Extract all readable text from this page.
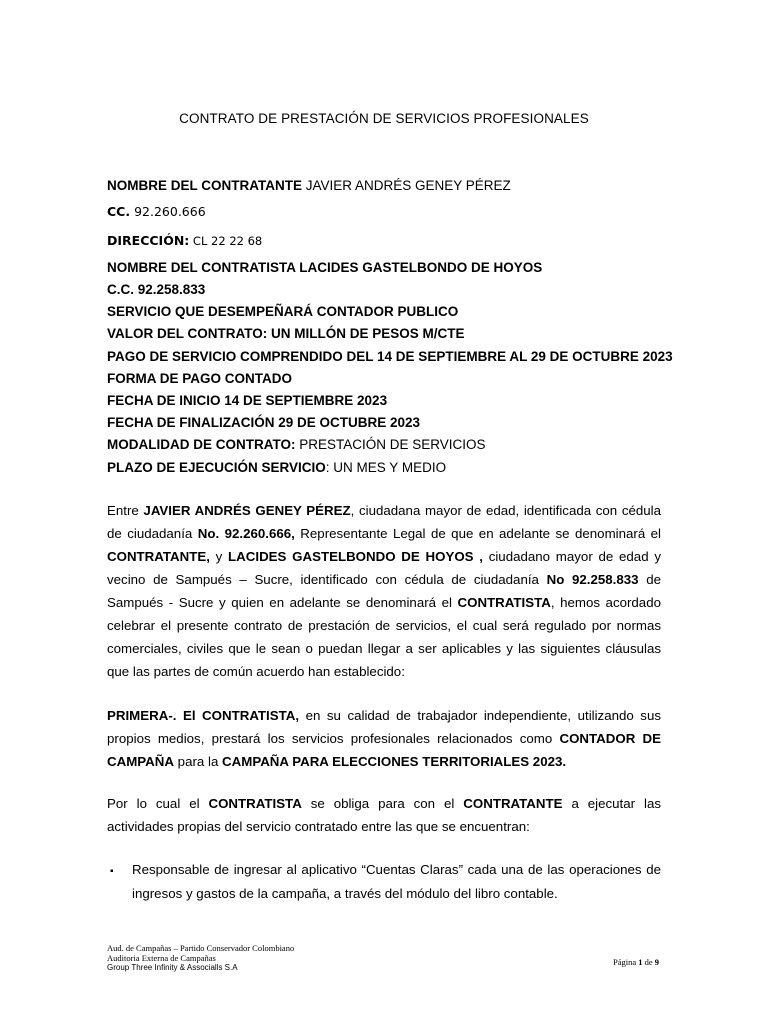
CONTRATO DE PRESTACIÓN DE SERVICIOS PROFESIONALES
NOMBRE DEL CONTRATANTE JAVIER ANDRÉS GENEY PÉREZ
CC. 92.260.666
DIRECCIÓN: CL 22 22 68
NOMBRE DEL CONTRATISTA LACIDES GASTELBONDO DE HOYOS
C.C. 92.258.833
SERVICIO QUE DESEMPEÑARÁ CONTADOR PUBLICO
VALOR DEL CONTRATO: UN MILLÓN DE PESOS M/CTE
PAGO DE SERVICIO COMPRENDIDO DEL 14 DE SEPTIEMBRE AL 29 DE OCTUBRE 2023
FORMA DE PAGO CONTADO
FECHA DE INICIO 14 DE SEPTIEMBRE 2023
FECHA DE FINALIZACIÓN 29 DE OCTUBRE 2023
MODALIDAD DE CONTRATO: PRESTACIÓN DE SERVICIOS
PLAZO DE EJECUCIÓN SERVICIO: UN MES Y MEDIO
Entre JAVIER ANDRÉS GENEY PÉREZ, ciudadana mayor de edad, identificada con cédula de ciudadanía No. 92.260.666, Representante Legal de que en adelante se denominará el CONTRATANTE, y LACIDES GASTELBONDO DE HOYOS , ciudadano mayor de edad y vecino de Sampués – Sucre, identificado con cédula de ciudadanía No 92.258.833 de Sampués - Sucre y quien en adelante se denominará el CONTRATISTA, hemos acordado celebrar el presente contrato de prestación de servicios, el cual será regulado por normas comerciales, civiles que le sean o puedan llegar a ser aplicables y las siguientes cláusulas que las partes de común acuerdo han establecido:
PRIMERA-. El CONTRATISTA, en su calidad de trabajador independiente, utilizando sus propios medios, prestará los servicios profesionales relacionados como CONTADOR DE CAMPAÑA para la CAMPAÑA PARA ELECCIONES TERRITORIALES 2023.
Por lo cual el CONTRATISTA se obliga para con el CONTRATANTE a ejecutar las actividades propias del servicio contratado entre las que se encuentran:
▪ Responsable de ingresar al aplicativo “Cuentas Claras” cada una de las operaciones de ingresos y gastos de la campaña, a través del módulo del libro contable.
Aud. de Campañas – Partido Conservador Colombiano
Auditoria Externa de Campañas
Group Three Infinity & Associalls S.A
Página 1 de 9
